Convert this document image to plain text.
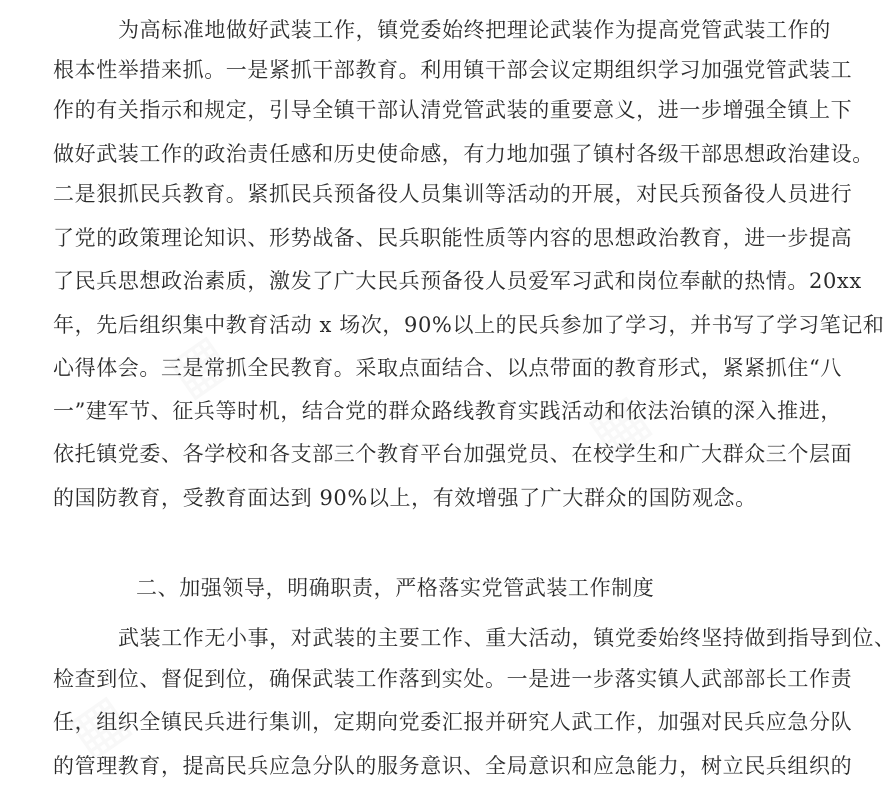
为高标准地做好武装工作，镇党委始终把理论武装作为提高党管武装工作的
根本性举措来抓。一是紧抓干部教育。利用镇干部会议定期组织学习加强党管武装工
作的有关指示和规定，引导全镇干部认清党管武装的重要意义，进一步增强全镇上下
做好武装工作的政治责任感和历史使命感，有力地加强了镇村各级干部思想政治建设。
二是狠抓民兵教育。紧抓民兵预备役人员集训等活动的开展，对民兵预备役人员进行
了党的政策理论知识、形势战备、民兵职能性质等内容的思想政治教育，进一步提高
了民兵思想政治素质，激发了广大民兵预备役人员爱军习武和岗位奉献的热情。20xx
年，先后组织集中教育活动 x 场次，90%以上的民兵参加了学习，并书写了学习笔记和
心得体会。三是常抓全民教育。采取点面结合、以点带面的教育形式，紧紧抓住“八
一”建军节、征兵等时机，结合党的群众路线教育实践活动和依法治镇的深入推进，
依托镇党委、各学校和各支部三个教育平台加强党员、在校学生和广大群众三个层面
的国防教育，受教育面达到 90%以上，有效增强了广大群众的国防观念。
二、加强领导，明确职责，严格落实党管武装工作制度
武装工作无小事，对武装的主要工作、重大活动，镇党委始终坚持做到指导到位、
检查到位、督促到位，确保武装工作落到实处。一是进一步落实镇人武部部长工作责
任，组织全镇民兵进行集训，定期向党委汇报并研究人武工作，加强对民兵应急分队
的管理教育，提高民兵应急分队的服务意识、全局意识和应急能力，树立民兵组织的
▦
▦
▦
